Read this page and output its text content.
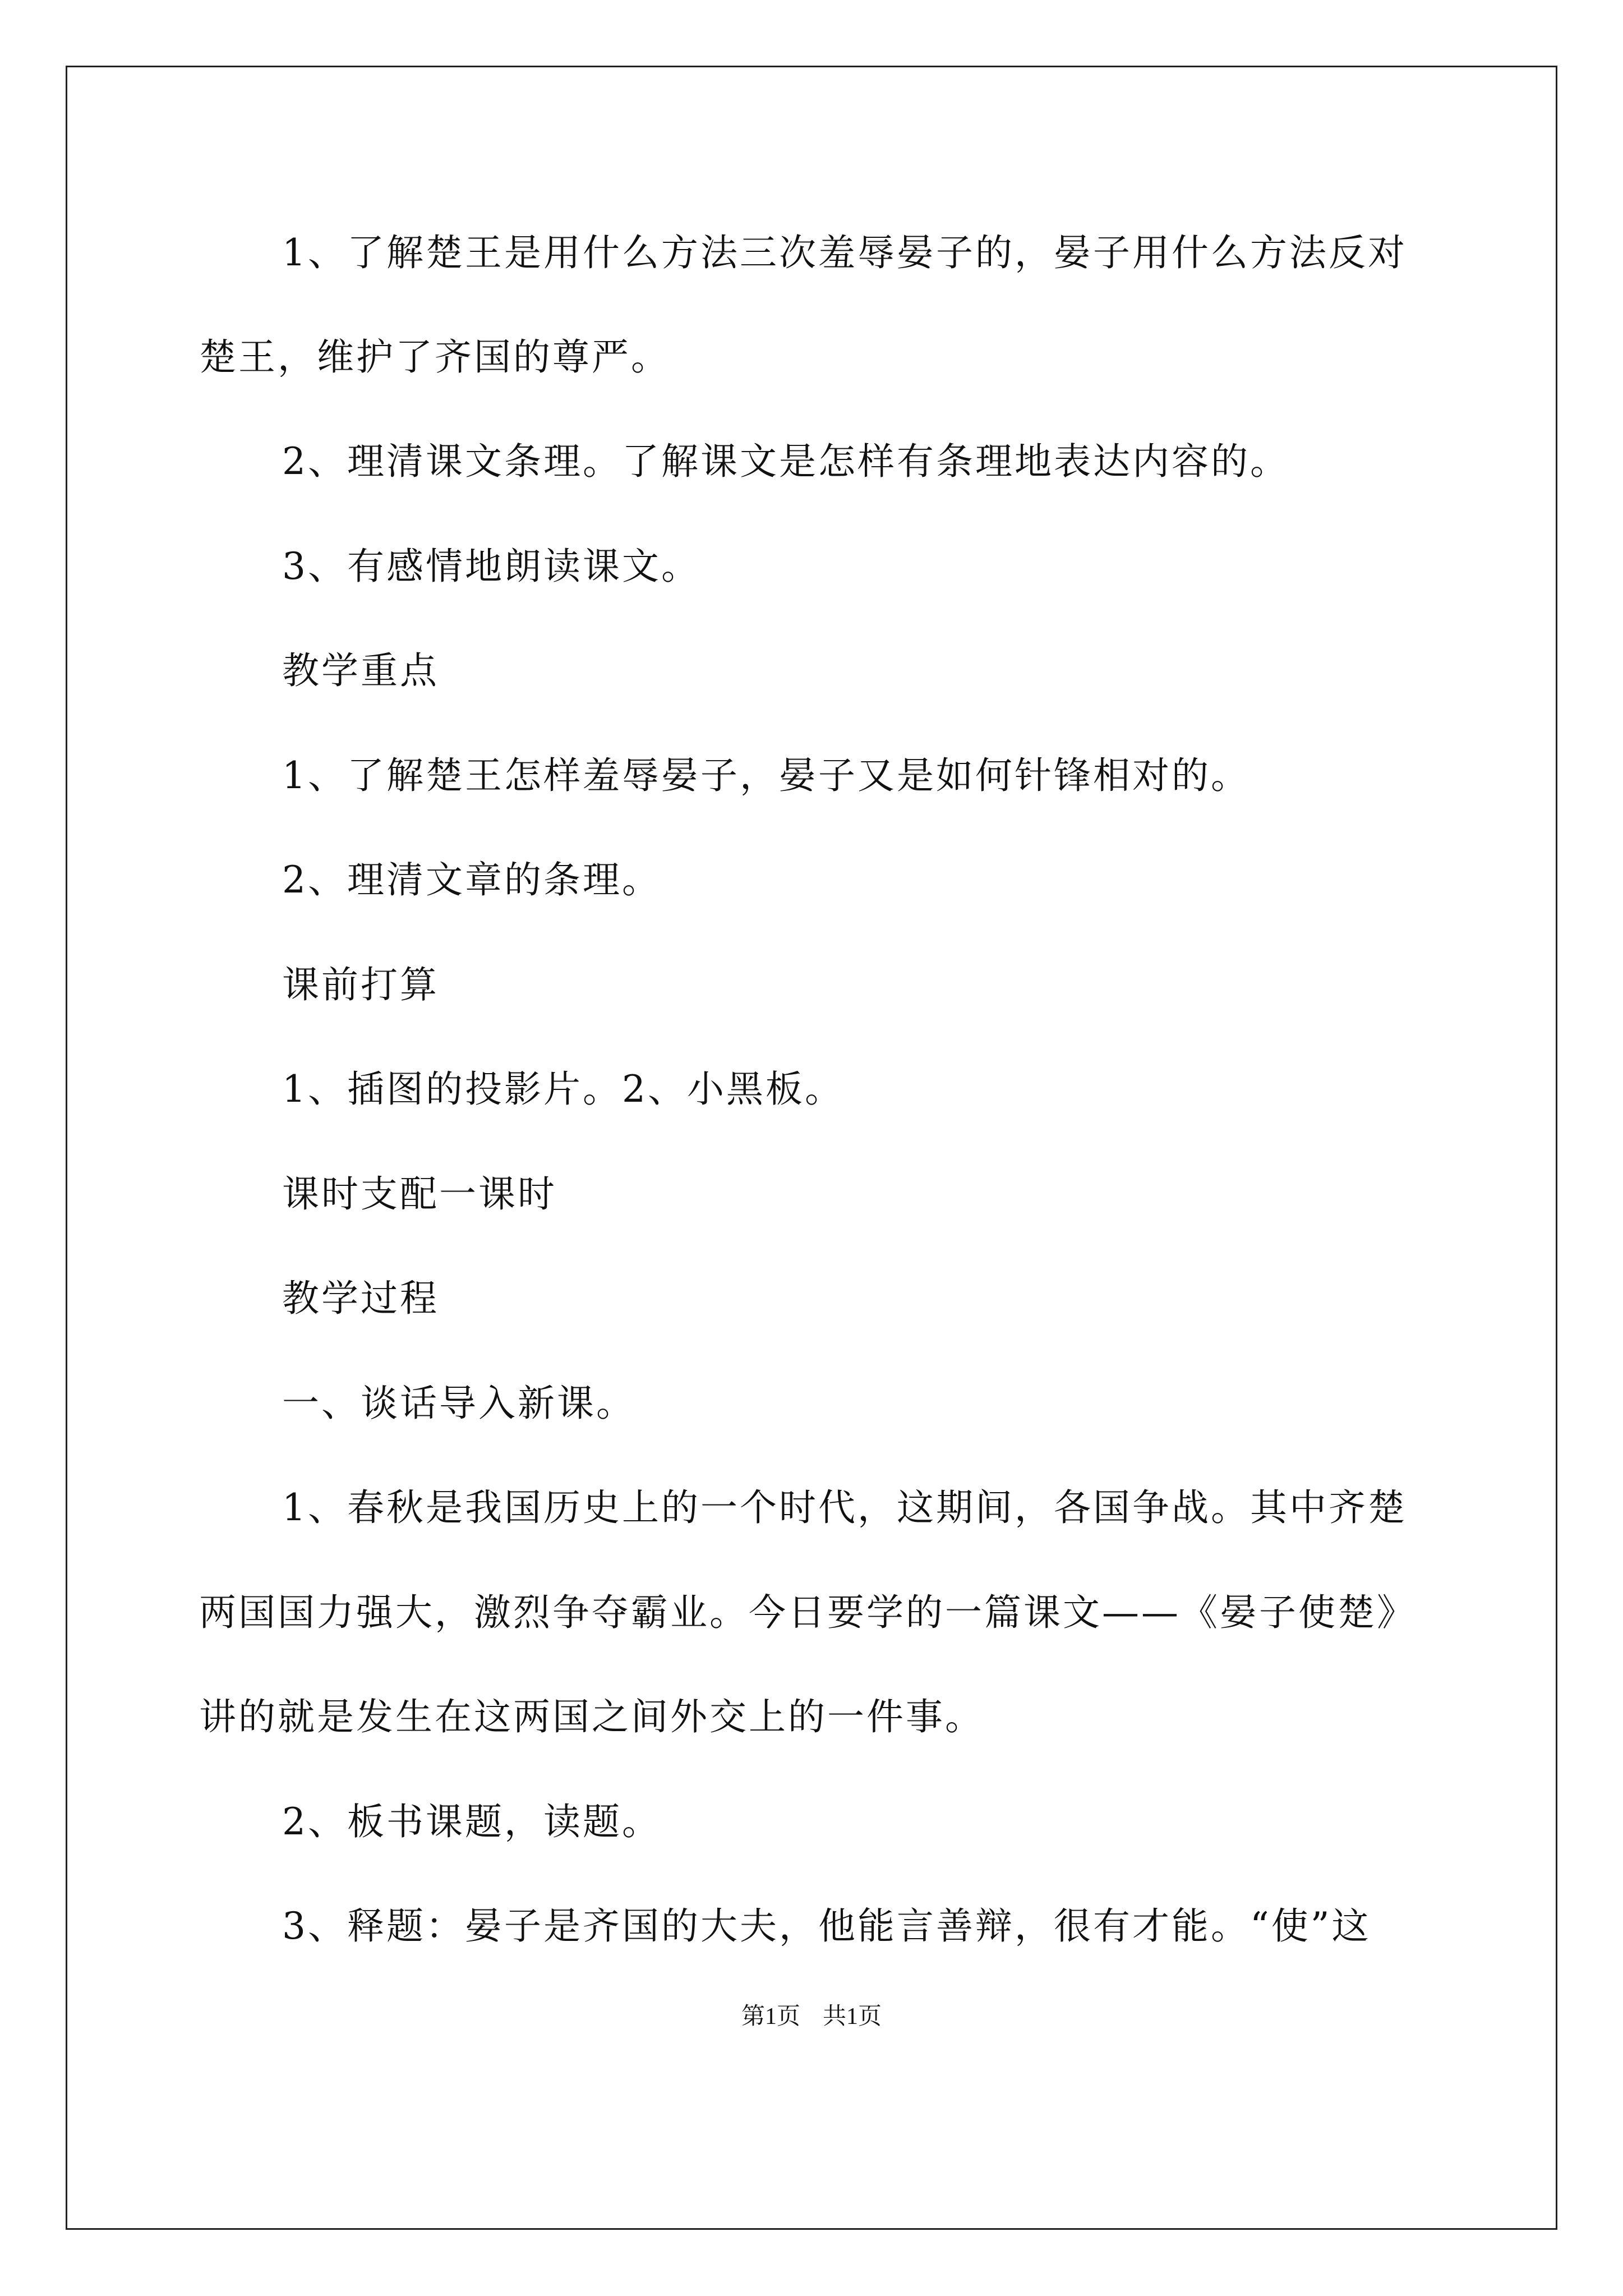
1、了解楚王是用什么方法三次羞辱晏子的，晏子用什么方法反对
楚王，维护了齐国的尊严。
2、理清课文条理。了解课文是怎样有条理地表达内容的。
3、有感情地朗读课文。
教学重点
1、了解楚王怎样羞辱晏子，晏子又是如何针锋相对的。
2、理清文章的条理。
课前打算
1、插图的投影片。2、小黑板。
课时支配一课时
教学过程
一、谈话导入新课。
1、春秋是我国历史上的一个时代，这期间，各国争战。其中齐楚
两国国力强大，激烈争夺霸业。今日要学的一篇课文——《晏子使楚》
讲的就是发生在这两国之间外交上的一件事。
2、板书课题，读题。
3、释题：晏子是齐国的大夫，他能言善辩，很有才能。“使”这
第1页 共1页
